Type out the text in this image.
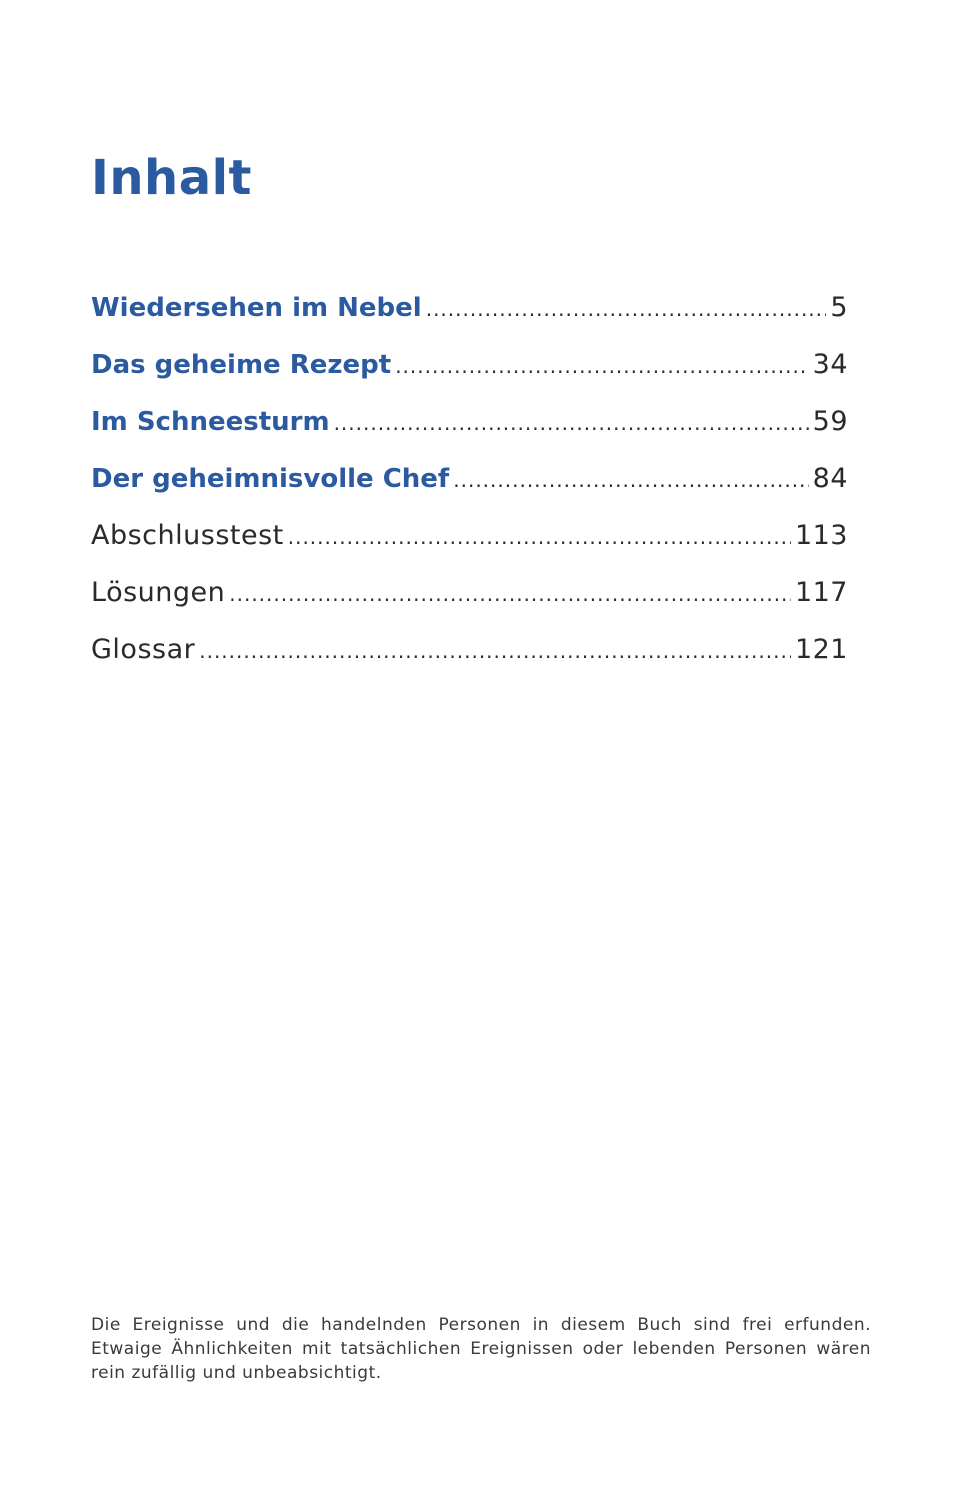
Inhalt
Wiedersehen im Nebel .....	5
Das geheime Rezept .....	34
Im Schneesturm .....	59
Der geheimnisvolle Chef .....	84
Abschlusstest .....	113
Lösungen .....	117
Glossar .....	121

Die Ereignisse und die handelnden Personen in diesem Buch sind frei erfunden. Etwaige Ähnlichkeiten mit tatsächlichen Ereignissen oder lebenden Personen wären rein zufällig und unbeabsichtigt.
